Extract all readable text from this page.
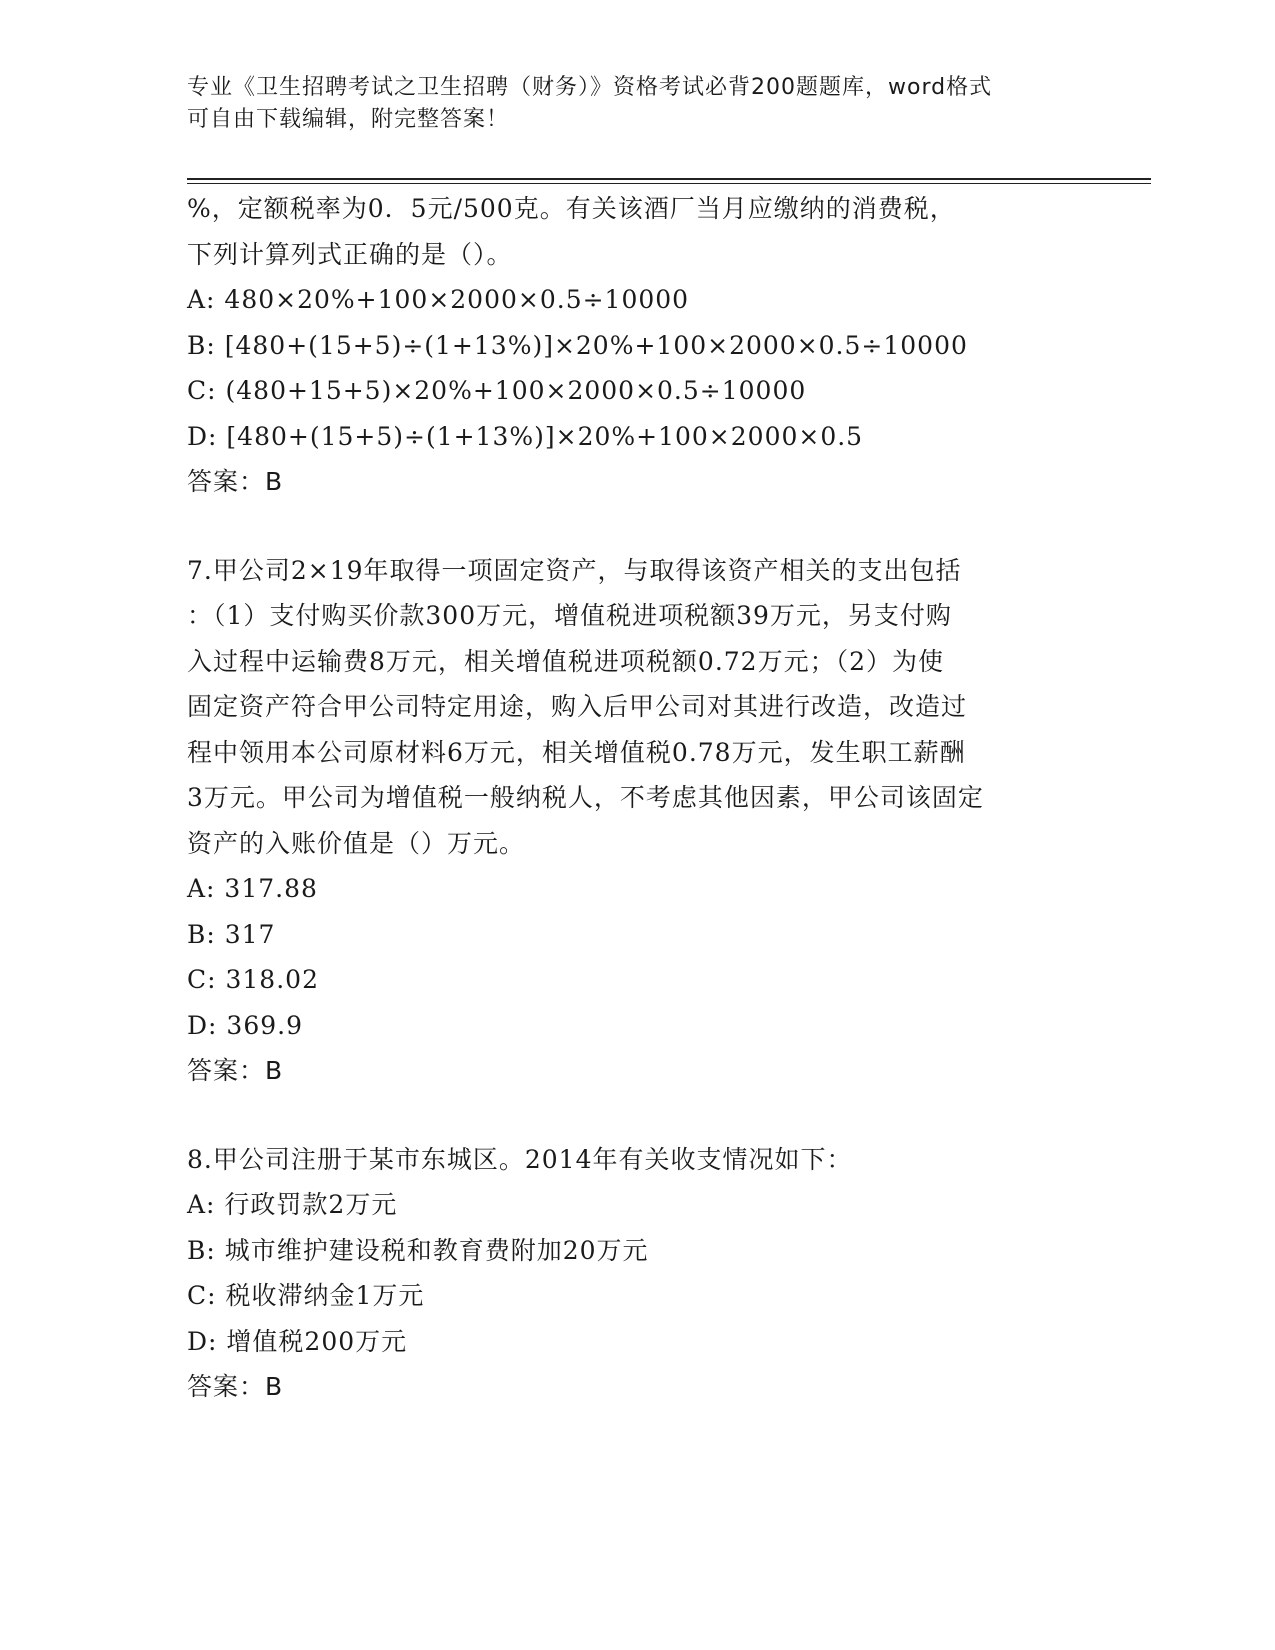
专业《卫生招聘考试之卫生招聘（财务）》资格考试必背200题题库，word格式
可自由下载编辑，附完整答案！
%，定额税率为0．5元/500克。有关该酒厂当月应缴纳的消费税，
下列计算列式正确的是（）。
A: 480×20%+100×2000×0.5÷10000
B: [480+(15+5)÷(1+13%)]×20%+100×2000×0.5÷10000
C: (480+15+5)×20%+100×2000×0.5÷10000
D: [480+(15+5)÷(1+13%)]×20%+100×2000×0.5
答案：B
7.甲公司2×19年取得一项固定资产，与取得该资产相关的支出包括
：（1）支付购买价款300万元，增值税进项税额39万元，另支付购
入过程中运输费8万元，相关增值税进项税额0.72万元；（2）为使
固定资产符合甲公司特定用途，购入后甲公司对其进行改造，改造过
程中领用本公司原材料6万元，相关增值税0.78万元，发生职工薪酬
3万元。甲公司为增值税一般纳税人，不考虑其他因素，甲公司该固定
资产的入账价值是（）万元。
A: 317.88
B: 317
C: 318.02
D: 369.9
答案：B
8.甲公司注册于某市东城区。2014年有关收支情况如下：
A: 行政罚款2万元
B: 城市维护建设税和教育费附加20万元
C: 税收滞纳金1万元
D: 增值税200万元
答案：B
